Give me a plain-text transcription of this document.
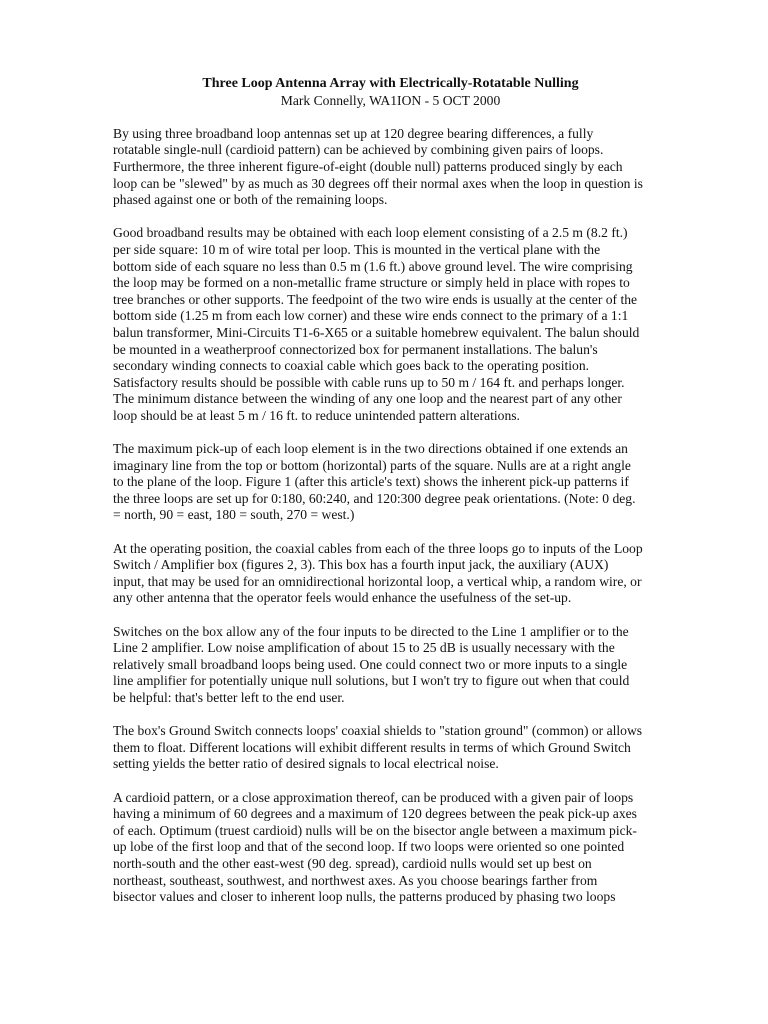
Three Loop Antenna Array with Electrically-Rotatable Nulling

Mark Connelly, WA1ION - 5 OCT 2000

By using three broadband loop antennas set up at 120 degree bearing differences, a fully
rotatable single-null (cardioid pattern) can be achieved by combining given pairs of loops.
Furthermore, the three inherent figure-of-eight (double null) patterns produced singly by each
loop can be "slewed" by as much as 30 degrees off their normal axes when the loop in question is
phased against one or both of the remaining loops.

Good broadband results may be obtained with each loop element consisting of a 2.5 m (8.2 ft.)
per side square: 10 m of wire total per loop. This is mounted in the vertical plane with the
bottom side of each square no less than 0.5 m (1.6 ft.) above ground level. The wire comprising
the loop may be formed on a non-metallic frame structure or simply held in place with ropes to
tree branches or other supports. The feedpoint of the two wire ends is usually at the center of the
bottom side (1.25 m from each low corner) and these wire ends connect to the primary of a 1:1
balun transformer, Mini-Circuits T1-6-X65 or a suitable homebrew equivalent. The balun should
be mounted in a weatherproof connectorized box for permanent installations. The balun's
secondary winding connects to coaxial cable which goes back to the operating position.
Satisfactory results should be possible with cable runs up to 50 m / 164 ft. and perhaps longer.
The minimum distance between the winding of any one loop and the nearest part of any other
loop should be at least 5 m / 16 ft. to reduce unintended pattern alterations.

The maximum pick-up of each loop element is in the two directions obtained if one extends an
imaginary line from the top or bottom (horizontal) parts of the square. Nulls are at a right angle
to the plane of the loop. Figure 1 (after this article's text) shows the inherent pick-up patterns if
the three loops are set up for 0:180, 60:240, and 120:300 degree peak orientations. (Note: 0 deg.
= north, 90 = east, 180 = south, 270 = west.)

At the operating position, the coaxial cables from each of the three loops go to inputs of the Loop
Switch / Amplifier box (figures 2, 3). This box has a fourth input jack, the auxiliary (AUX)
input, that may be used for an omnidirectional horizontal loop, a vertical whip, a random wire, or
any other antenna that the operator feels would enhance the usefulness of the set-up.

Switches on the box allow any of the four inputs to be directed to the Line 1 amplifier or to the
Line 2 amplifier. Low noise amplification of about 15 to 25 dB is usually necessary with the
relatively small broadband loops being used. One could connect two or more inputs to a single
line amplifier for potentially unique null solutions, but I won't try to figure out when that could
be helpful: that's better left to the end user.

The box's Ground Switch connects loops' coaxial shields to "station ground" (common) or allows
them to float. Different locations will exhibit different results in terms of which Ground Switch
setting yields the better ratio of desired signals to local electrical noise.

A cardioid pattern, or a close approximation thereof, can be produced with a given pair of loops
having a minimum of 60 degrees and a maximum of 120 degrees between the peak pick-up axes
of each. Optimum (truest cardioid) nulls will be on the bisector angle between a maximum pick-
up lobe of the first loop and that of the second loop. If two loops were oriented so one pointed
north-south and the other east-west (90 deg. spread), cardioid nulls would set up best on
northeast, southeast, southwest, and northwest axes. As you choose bearings farther from
bisector values and closer to inherent loop nulls, the patterns produced by phasing two loops
